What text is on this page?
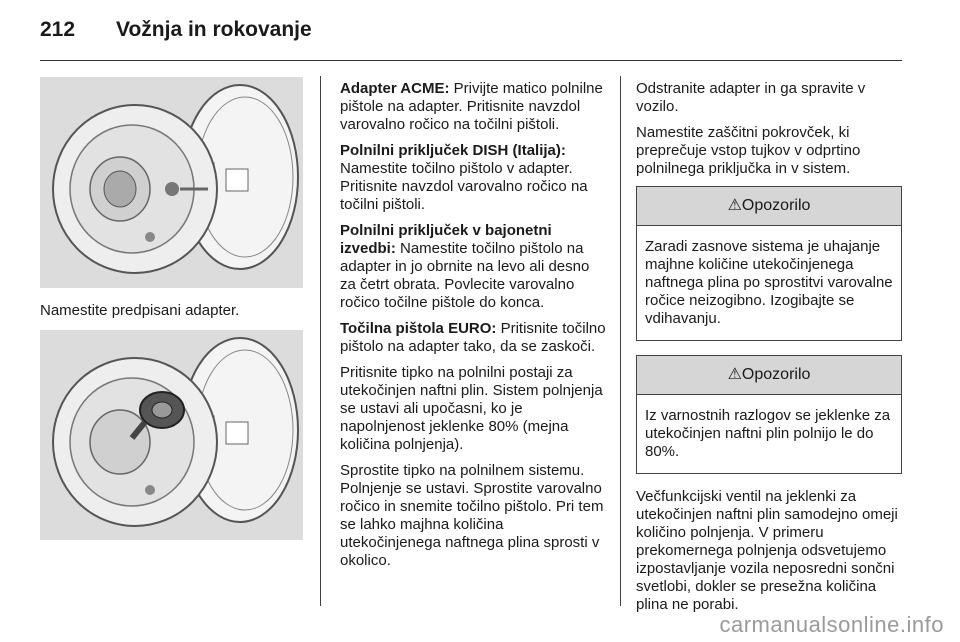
212 Vožnja in rokovanje
Namestite predpisani adapter.

Adapter ACME: Privijte matico polnilne pištole na adapter. Pritisnite navzdol varovalno ročico na točilni pištoli.

Polnilni priključek DISH (Italija): Namestite točilno pištolo v adapter. Pritisnite navzdol varovalno ročico na točilni pištoli.

Polnilni priključek v bajonetni izvedbi: Namestite točilno pištolo na adapter in jo obrnite na levo ali desno za četrt obrata. Povlecite varovalno ročico točilne pištole do konca.

Točilna pištola EURO: Pritisnite točilno pištolo na adapter tako, da se zaskoči.

Pritisnite tipko na polnilni postaji za utekočinjen naftni plin. Sistem polnjenja se ustavi ali upočasni, ko je napolnjenost jeklenke 80% (mejna količina polnjenja).

Sprostite tipko na polnilnem sistemu. Polnjenje se ustavi. Sprostite varovalno ročico in snemite točilno pištolo. Pri tem se lahko majhna količina utekočinjenega naftnega plina sprosti v okolico.

Odstranite adapter in ga spravite v vozilo.

Namestite zaščitni pokrovček, ki preprečuje vstop tujkov v odprtino polnilnega priključka in v sistem.

⚠Opozorilo
Zaradi zasnove sistema je uhajanje majhne količine utekočinjenega naftnega plina po sprostitvi varovalne ročice neizogibno. Izogibajte se vdihavanju.
⚠Opozorilo
Iz varnostnih razlogov se jeklenke za utekočinjen naftni plin polnijo le do 80%.

Večfunkcijski ventil na jeklenki za utekočinjen naftni plin samodejno omeji količino polnjenja. V primeru prekomernega polnjenja odsvetujemo izpostavljanje vozila neposredni sončni svetlobi, dokler se presežna količina plina ne porabi.

carmanualsonline.info
